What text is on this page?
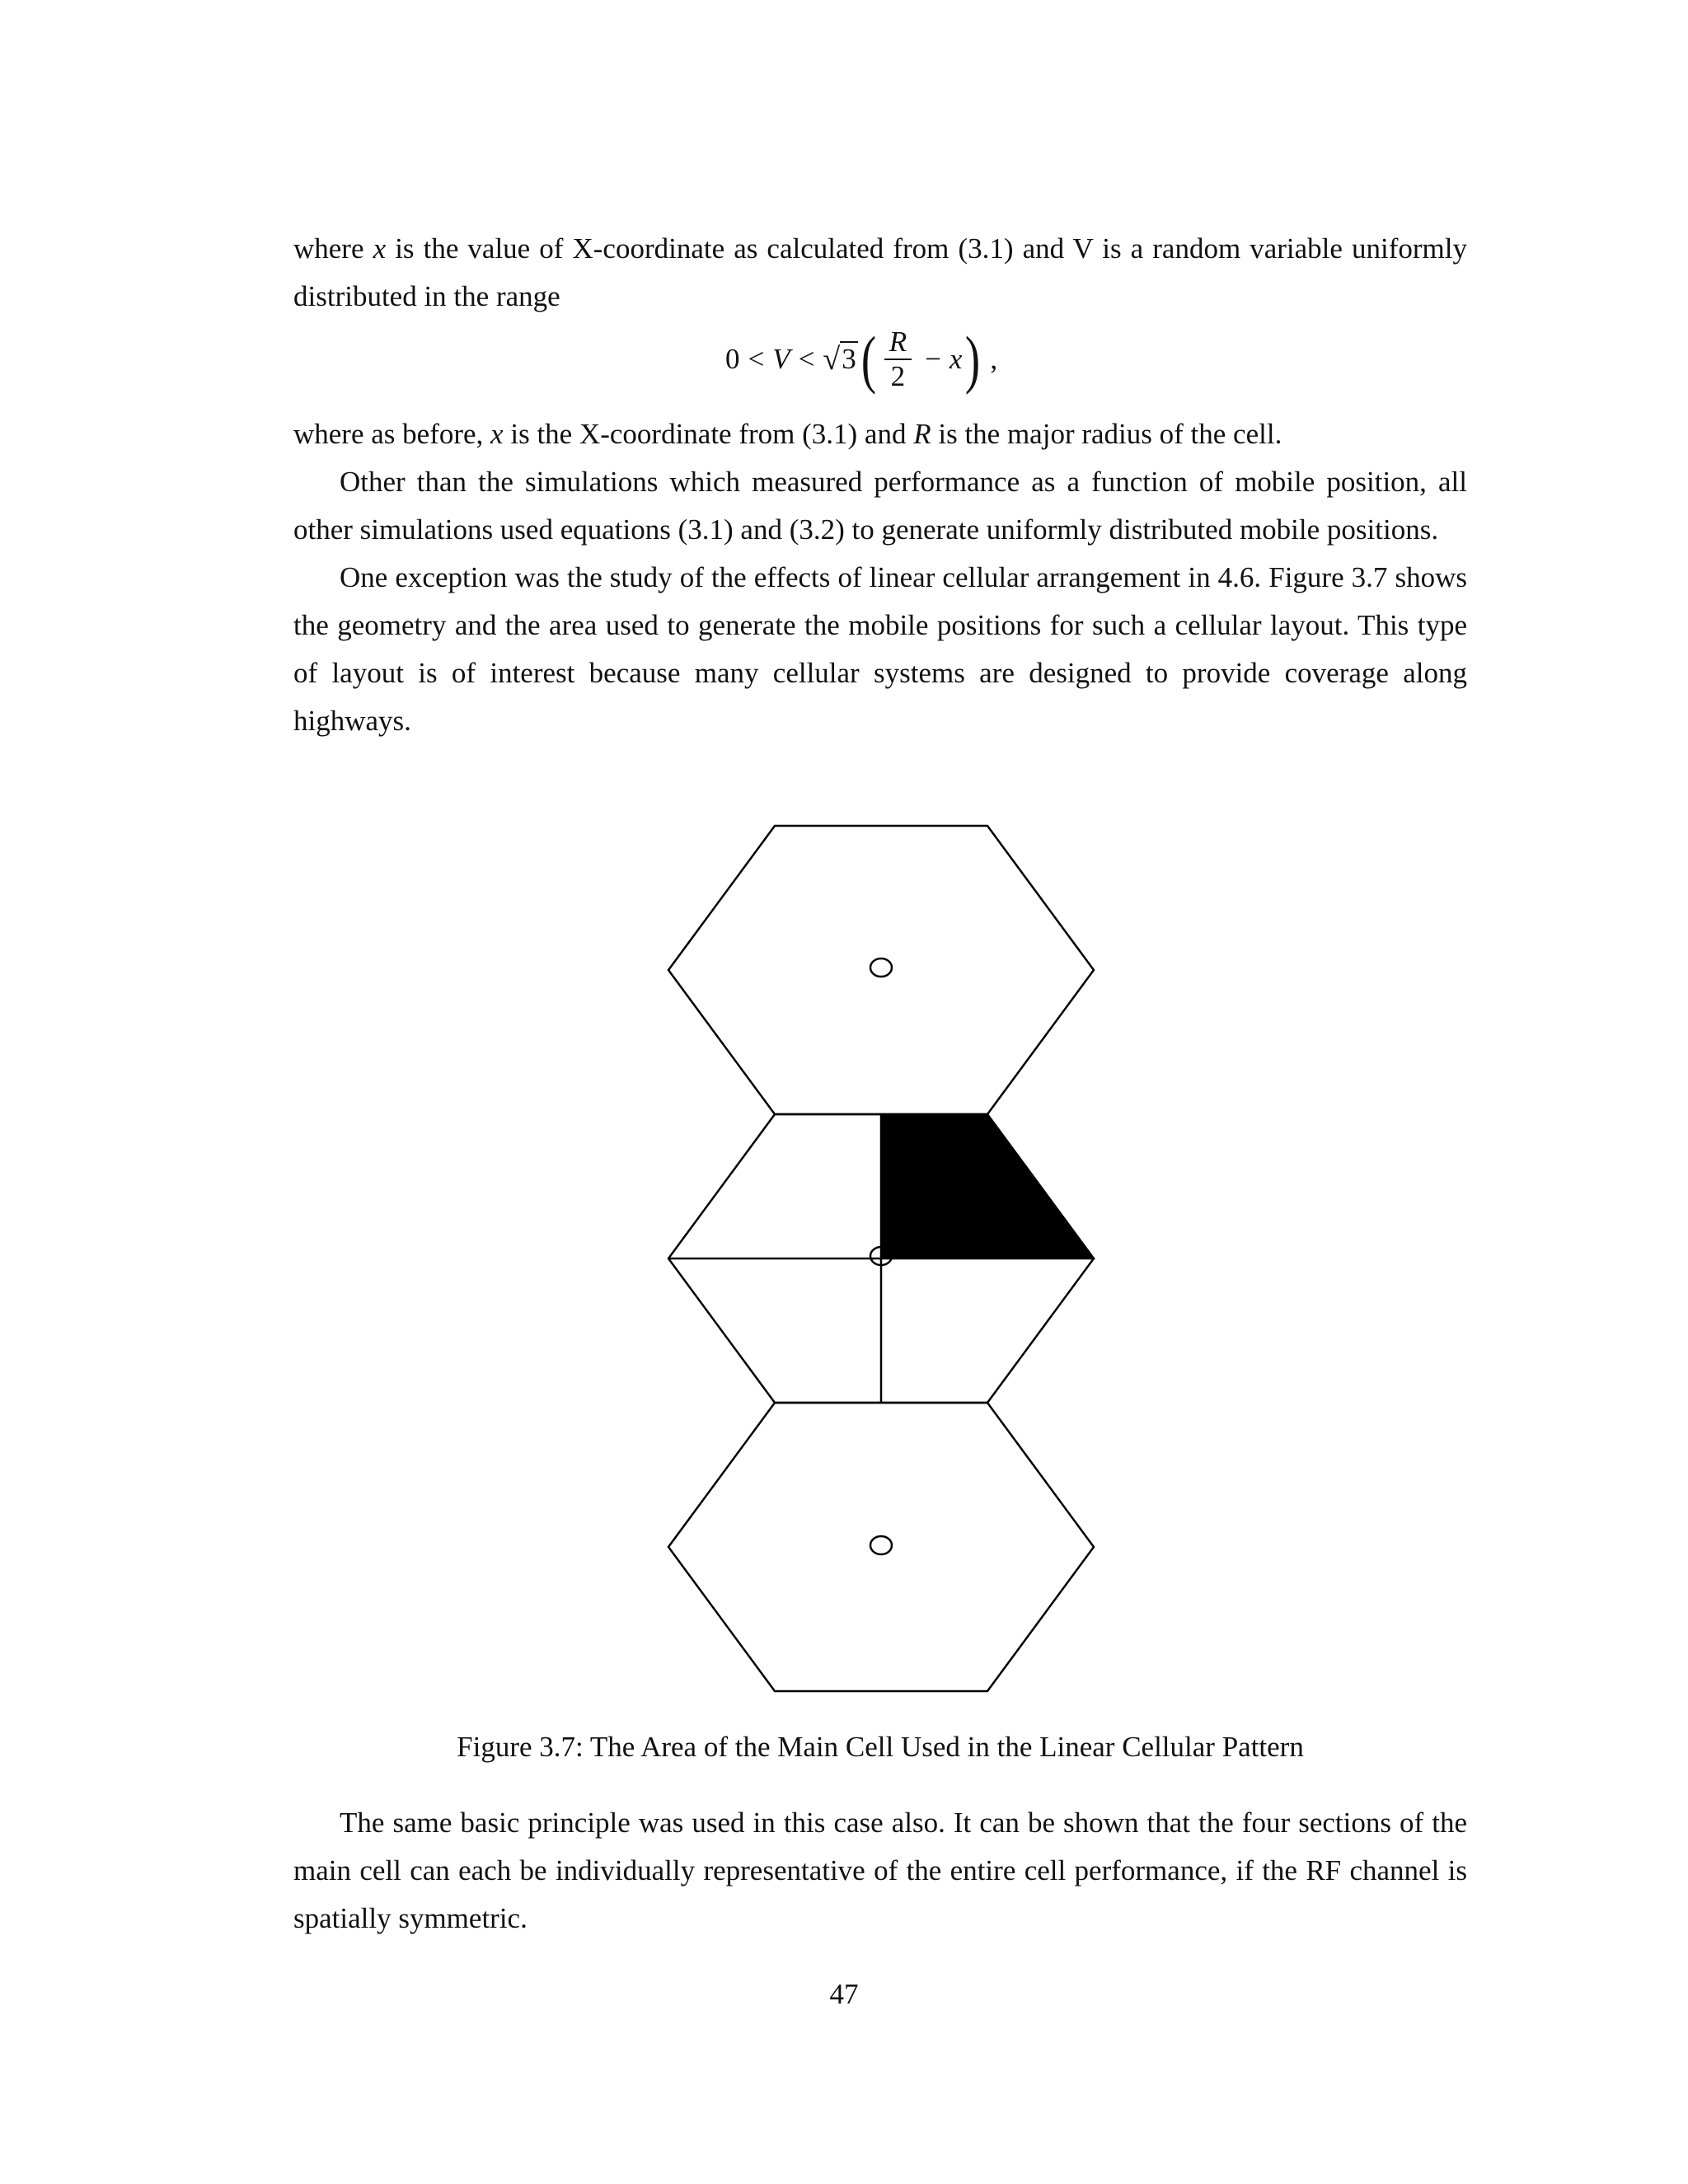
where x is the value of X-coordinate as calculated from (3.1) and V is a random variable uniformly distributed in the range

0 < V < √ 3 ( $\frac{R}{2} - x$ ) ,

where as before, x is the X-coordinate from (3.1) and R is the major radius of the cell.

Other than the simulations which measured performance as a function of mobile position, all other simulations used equations (3.1) and (3.2) to generate uniformly distributed mobile positions.

One exception was the study of the effects of linear cellular arrangement in 4.6. Figure 3.7 shows the geometry and the area used to generate the mobile positions for such a cellular layout. This type of layout is of interest because many cellular systems are designed to provide coverage along highways.

Figure 3.7: The Area of the Main Cell Used in the Linear Cellular Pattern

The same basic principle was used in this case also. It can be shown that the four sections of the main cell can each be individually representative of the entire cell performance, if the RF channel is spatially symmetric.

47
